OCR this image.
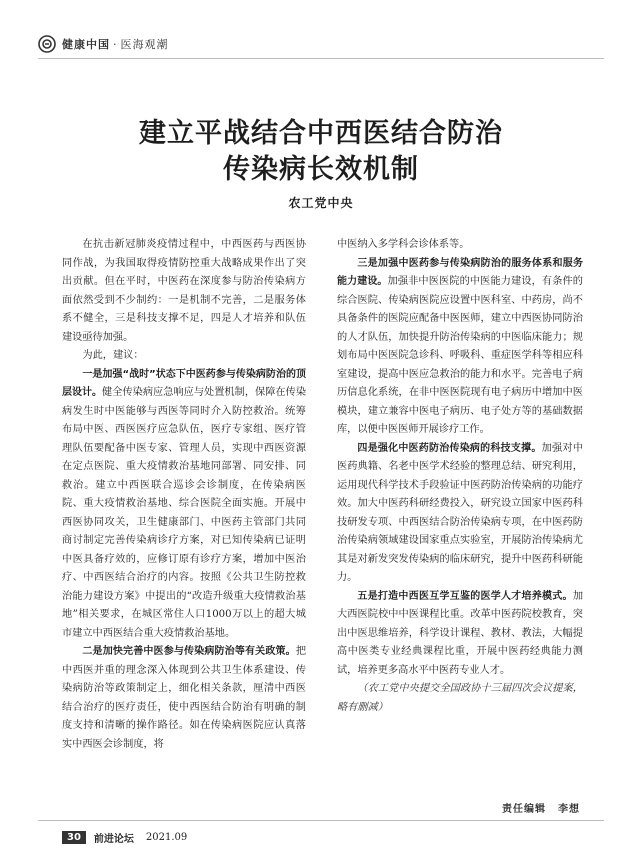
健康中国 · 医海观潮
建立平战结合中西医结合防治
传染病长效机制
农工党中央

在抗击新冠肺炎疫情过程中，中西医药与西医协同作战，为我国取得疫情防控重大战略成果作出了突出贡献。但在平时，中医药在深度参与防治传染病方面依然受到不少制约：一是机制不完善，二是服务体系不健全，三是科技支撑不足，四是人才培养和队伍建设亟待加强。

为此，建议：

一是加强“战时”状态下中医药参与传染病防治的顶层设计。健全传染病应急响应与处置机制，保障在传染病发生时中医能够与西医等同时介入防控救治。统筹布局中医、西医医疗应急队伍，医疗专家组、医疗管理队伍要配备中医专家、管理人员，实现中西医资源在定点医院、重大疫情救治基地同部署、同安排、同救治。建立中西医联合巡诊会诊制度，在传染病医院、重大疫情救治基地、综合医院全面实施。开展中西医协同攻关，卫生健康部门、中医药主管部门共同商讨制定完善传染病诊疗方案，对已知传染病已证明中医具备疗效的，应修订原有诊疗方案，增加中医治疗、中西医结合治疗的内容。按照《公共卫生防控救治能力建设方案》中提出的“改造升级重大疫情救治基地”相关要求，在城区常住人口1000万以上的超大城市建立中西医结合重大疫情救治基地。

二是加快完善中医参与传染病防治等有关政策。把中西医并重的理念深入体现到公共卫生体系建设、传染病防治等政策制定上，细化相关条款，厘清中西医结合治疗的医疗责任，使中西医结合防治有明确的制度支持和清晰的操作路径。如在传染病医院应认真落实中西医会诊制度，将

中医纳入多学科会诊体系等。

三是加强中医药参与传染病防治的服务体系和服务能力建设。加强非中医医院的中医能力建设，有条件的综合医院、传染病医院应设置中医科室、中药房，尚不具备条件的医院应配备中医医师，建立中西医协同防治的人才队伍，加快提升防治传染病的中医临床能力；规划布局中医医院急诊科、呼吸科、重症医学科等相应科室建设，提高中医应急救治的能力和水平。完善电子病历信息化系统，在非中医医院现有电子病历中增加中医模块，建立兼容中医电子病历、电子处方等的基础数据库，以便中医医师开展诊疗工作。

四是强化中医药防治传染病的科技支撑。加强对中医药典籍、名老中医学术经验的整理总结、研究利用，运用现代科学技术手段验证中医药防治传染病的功能疗效。加大中医药科研经费投入，研究设立国家中医药科技研发专项、中西医结合防治传染病专项，在中医药防治传染病领域建设国家重点实验室，开展防治传染病尤其是对新发突发传染病的临床研究，提升中医药科研能力。

五是打造中西医互学互鉴的医学人才培养模式。加大西医院校中中医课程比重。改革中医药院校教育，突出中医思维培养，科学设计课程、教材、教法，大幅提高中医类专业经典课程比重，开展中医药经典能力测试，培养更多高水平中医药专业人才。

（农工党中央提交全国政协十三届四次会议提案，略有删减）

责任编辑 李想
30	前进论坛 2021.09
